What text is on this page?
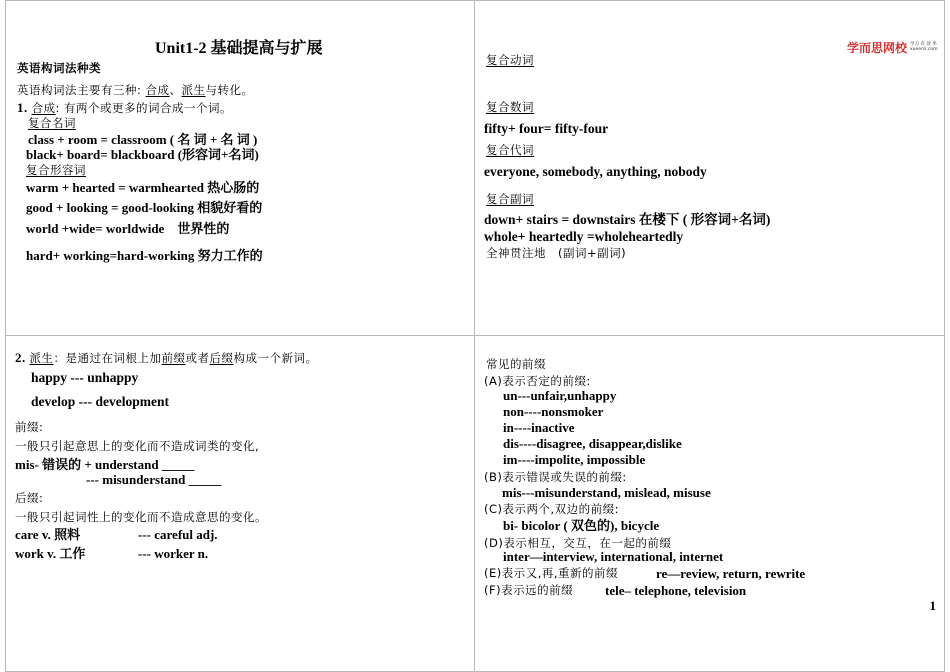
Unit1-2 基础提高与扩展
英语构词法种类
英语构词法主要有三种: 合成、派生与转化。
1. 合成: 有两个或更多的词合成一个词。
复合名词
class + room = classroom ( 名 词 + 名 词 )
black+ board= blackboard (形容词+名词)
复合形容词
warm + hearted = warmhearted 热心肠的
good + looking = good-looking 相貌好看的
world +wide= worldwide　世界性的
hard+ working=hard-working 努力工作的
学而思网校 学习 有 效 率
xueersi.com
复合动词
复合数词
fifty+ four= fifty-four
复合代词
everyone, somebody, anything, nobody
复合副词
down+ stairs = downstairs 在楼下 ( 形容词+名词)
whole+ heartedly =wholeheartedly
全神贯注地　(副词+副词)
2. 派生：是通过在词根上加前缀或者后缀构成一个新词。
happy --- unhappy
develop --- development
前缀:
一般只引起意思上的变化而不造成词类的变化,
mis- 错误的 + understand _____
--- misunderstand _____
后缀:
一般只引起词性上的变化而不造成意思的变化。
care v. 照料	--- careful adj.
work v. 工作	--- worker n.
常见的前缀
(A)表示否定的前缀:
un---unfair,unhappy
non----nonsmoker
in----inactive
dis----disagree, disappear,dislike
im----impolite, impossible
(B)表示错误或失误的前缀:
mis---misunderstand, mislead, misuse
(C)表示两个,双边的前缀:
bi- bicolor ( 双色的), bicycle
(D)表示相互，交互，在一起的前缀
inter—interview, international, internet
(E)表示又,再,重新的前缀	re—review, return, rewrite
(F)表示远的前缀 tele– telephone, television
1
